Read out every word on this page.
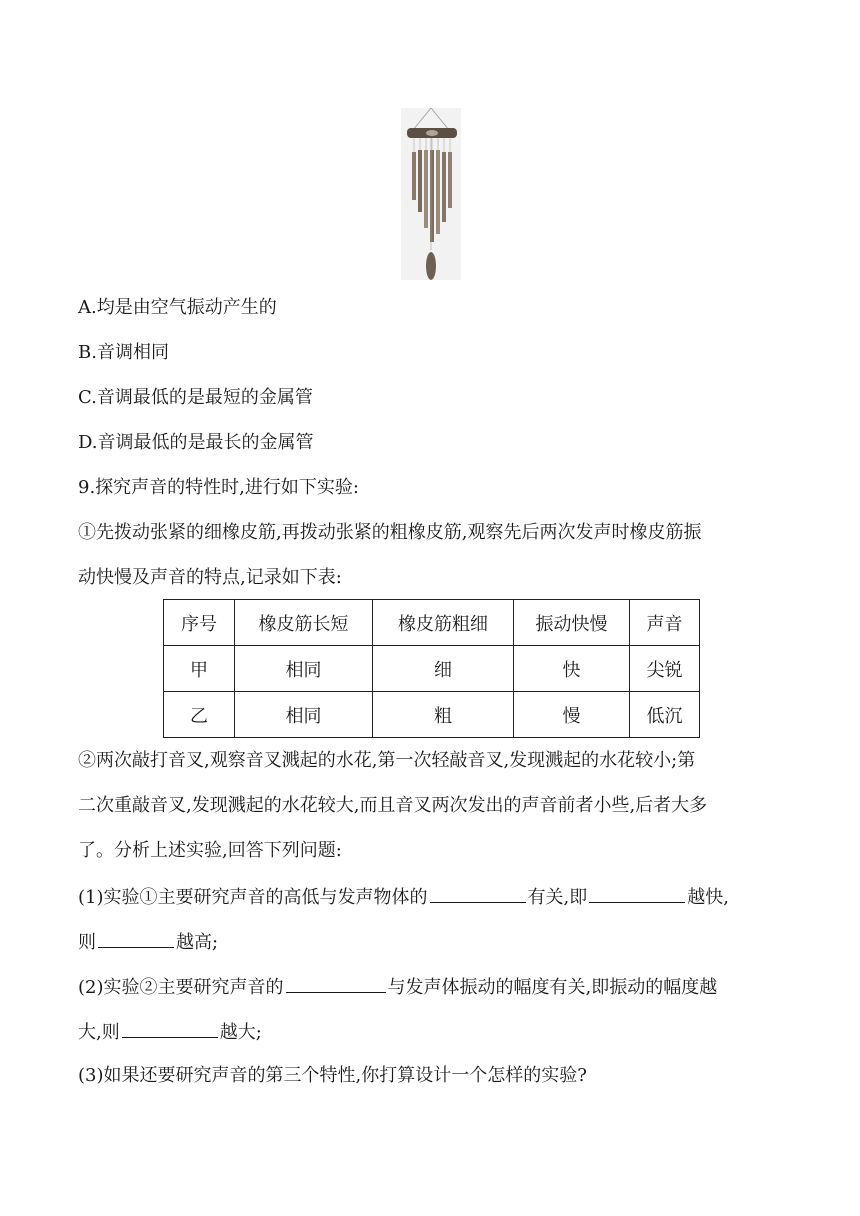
A.均是由空气振动产生的
B.音调相同
C.音调最低的是最短的金属管
D.音调最低的是最长的金属管
9.探究声音的特性时,进行如下实验:
①先拨动张紧的细橡皮筋,再拨动张紧的粗橡皮筋,观察先后两次发声时橡皮筋振
动快慢及声音的特点,记录如下表:
序号	橡皮筋长短	橡皮筋粗细	振动快慢	声音
甲	相同	细	快	尖锐
乙	相同	粗	慢	低沉
②两次敲打音叉,观察音叉溅起的水花,第一次轻敲音叉,发现溅起的水花较小;第
二次重敲音叉,发现溅起的水花较大,而且音叉两次发出的声音前者小些,后者大多
了。分析上述实验,回答下列问题:
(1)实验①主要研究声音的高低与发声物体的	有关,即	越快,
则	越高;
(2)实验②主要研究声音的	与发声体振动的幅度有关,即振动的幅度越
大,则	越大;
(3)如果还要研究声音的第三个特性,你打算设计一个怎样的实验?
